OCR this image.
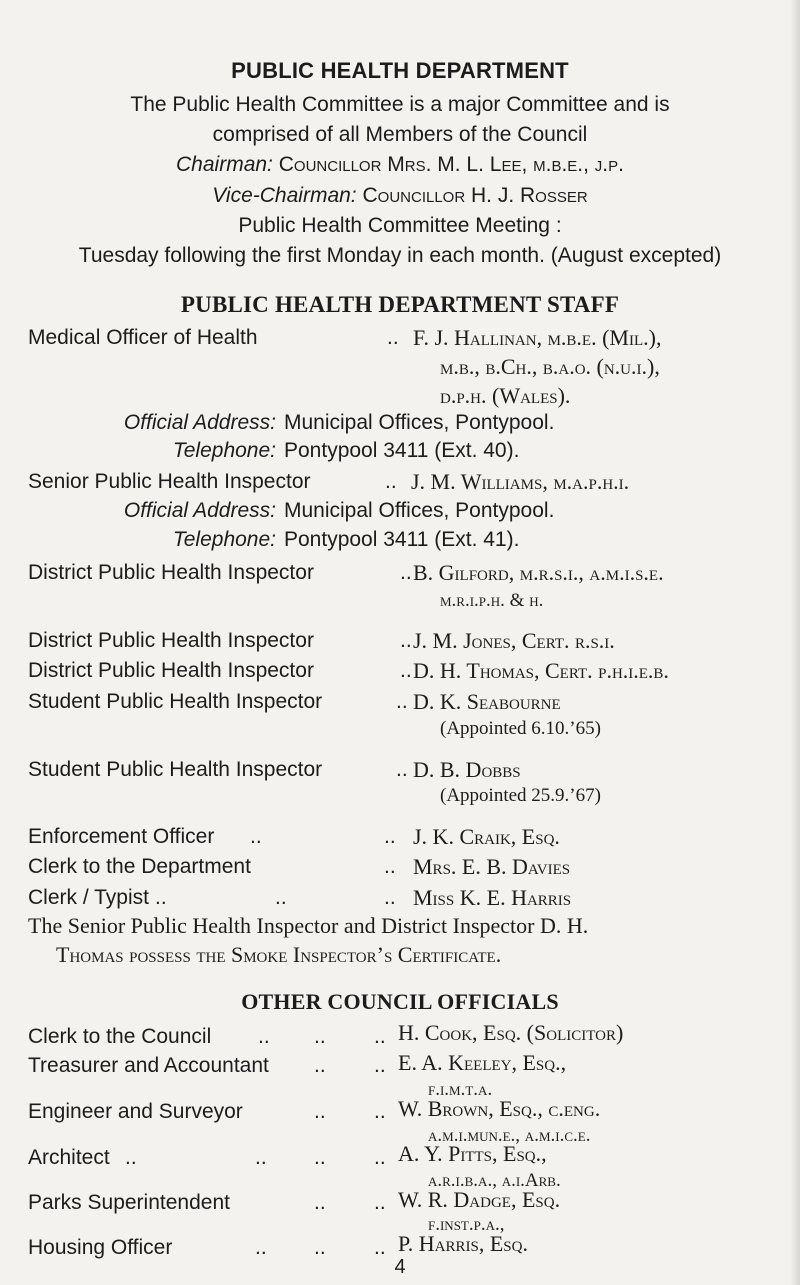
PUBLIC HEALTH DEPARTMENT
The Public Health Committee is a major Committee and is
comprised of all Members of the Council
Chairman: Councillor Mrs. M. L. Lee, m.b.e., j.p.
Vice-Chairman: Councillor H. J. Rosser
Public Health Committee Meeting :
Tuesday following the first Monday in each month. (August excepted)
PUBLIC HEALTH DEPARTMENT STAFF
Medical Officer of Health	.. F. J. Hallinan, m.b.e. (Mil.),
m.b., b.Ch., b.a.o. (n.u.i.),
d.p.h. (Wales).
Official Address: Municipal Offices, Pontypool.
Telephone: Pontypool 3411 (Ext. 40).
Senior Public Health Inspector	.. J. M. Williams, m.a.p.h.i.
Official Address: Municipal Offices, Pontypool.
Telephone: Pontypool 3411 (Ext. 41).
District Public Health Inspector	.. B. Gilford, m.r.s.i., a.m.i.s.e.
m.r.i.p.h. & h.
District Public Health Inspector	.. J. M. Jones, Cert. r.s.i.
District Public Health Inspector	.. D. H. Thomas, Cert. p.h.i.e.b.
Student Public Health Inspector	.. D. K. Seabourne
(Appointed 6.10.’65)
Student Public Health Inspector	.. D. B. Dobbs
(Appointed 25.9.’67)
Enforcement Officer ..	.. J. K. Craik, Esq.
Clerk to the Department	.. Mrs. E. B. Davies
Clerk / Typist ..	..	.. Miss K. E. Harris
The Senior Public Health Inspector and District Inspector D. H.
Thomas possess the Smoke Inspector’s Certificate.
OTHER COUNCIL OFFICIALS
Clerk to the Council .. .. .. H. Cook, Esq. (Solicitor)
Treasurer and Accountant .. .. E. A. Keeley, Esq.,
f.i.m.t.a.
Engineer and Surveyor	.. .. W. Brown, Esq., c.eng.
a.m.i.mun.e., a.m.i.c.e.
Architect ..	.. .. .. A. Y. Pitts, Esq.,
a.r.i.b.a., a.i.Arb.
Parks Superintendent	.. .. W. R. Dadge, Esq.
f.inst.p.a.,
Housing Officer	.. .. .. P. Harris, Esq.
4
